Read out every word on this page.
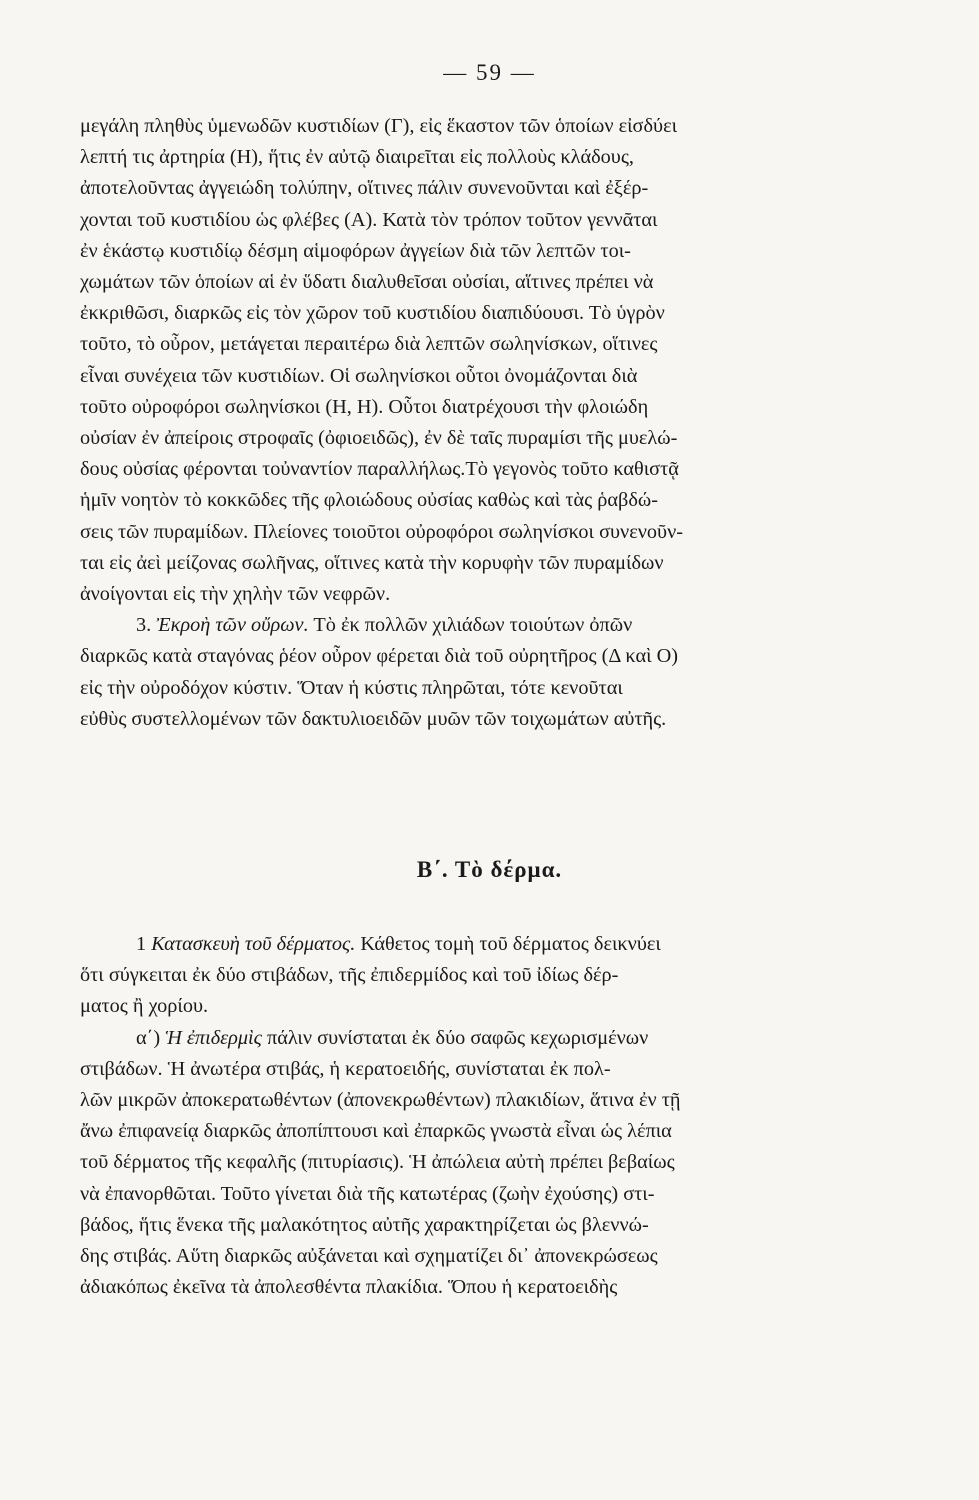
— 59 —

μεγάλη πληθὺς ὑμενωδῶν κυστιδίων (Γ), εἰς ἕκαστον τῶν ὁποίων εἰσδύει
λεπτή τις ἀρτηρία (Η), ἥτις ἐν αὐτῷ διαιρεῖται εἰς πολλοὺς κλάδους,
ἀποτελοῦντας ἀγγειώδη τολύπην, οἵτινες πάλιν συνενοῦνται καὶ ἐξέρ-
χονται τοῦ κυστιδίου ὡς φλέβες (Α). Κατὰ τὸν τρόπον τοῦτον γεννᾶται
ἐν ἑκάστῳ κυστιδίῳ δέσμη αἱμοφόρων ἀγγείων διὰ τῶν λεπτῶν τοι-
χωμάτων τῶν ὁποίων αἱ ἐν ὕδατι διαλυθεῖσαι οὐσίαι, αἵτινες πρέπει νὰ
ἐκκριθῶσι, διαρκῶς εἰς τὸν χῶρον τοῦ κυστιδίου διαπιδύουσι. Τὸ ὑγρὸν
τοῦτο, τὸ οὖρον, μετάγεται περαιτέρω διὰ λεπτῶν σωληνίσκων, οἵτινες
εἶναι συνέχεια τῶν κυστιδίων. Οἱ σωληνίσκοι οὗτοι ὀνομάζονται διὰ
τοῦτο οὐροφόροι σωληνίσκοι (Η, Η). Οὗτοι διατρέχουσι τὴν φλοιώδη
οὐσίαν ἐν ἀπείροις στροφαῖς (ὀφιοειδῶς), ἐν δὲ ταῖς πυραμίσι τῆς μυελώ-
δους οὐσίας φέρονται τοὐναντίον παραλλήλως.Τὸ γεγονὸς τοῦτο καθιστᾷ
ἡμῖν νοητὸν τὸ κοκκῶδες τῆς φλοιώδους οὐσίας καθὼς καὶ τὰς ῥαβδώ-
σεις τῶν πυραμίδων. Πλείονες τοιοῦτοι οὐροφόροι σωληνίσκοι συνενοῦν-
ται εἰς ἀεὶ μείζονας σωλῆνας, οἵτινες κατὰ τὴν κορυφὴν τῶν πυραμίδων
ἀνοίγονται εἰς τὴν χηλὴν τῶν νεφρῶν.

3. Ἐκροὴ τῶν οὔρων. Τὸ ἐκ πολλῶν χιλιάδων τοιούτων ὀπῶν
διαρκῶς κατὰ σταγόνας ῥέον οὖρον φέρεται διὰ τοῦ οὐρητῆρος (Δ καὶ Ο)
εἰς τὴν οὐροδόχον κύστιν. Ὅταν ἡ κύστις πληρῶται, τότε κενοῦται
εὐθὺς συστελλομένων τῶν δακτυλιοειδῶν μυῶν τῶν τοιχωμάτων αὐτῆς.

Β΄. Τὸ δέρμα.

1 Κατασκευὴ τοῦ δέρματος. Κάθετος τομὴ τοῦ δέρματος δεικνύει
ὅτι σύγκειται ἐκ δύο στιβάδων, τῆς ἐπιδερμίδος καὶ τοῦ ἰδίως δέρ-
ματος ἢ χορίου.

α΄) Ἡ ἐπιδερμὶς πάλιν συνίσταται ἐκ δύο σαφῶς κεχωρισμένων
στιβάδων. Ἡ ἀνωτέρα στιβάς, ἡ κερατοειδής, συνίσταται ἐκ πολ-
λῶν μικρῶν ἀποκερατωθέντων (ἀπονεκρωθέντων) πλακιδίων, ἅτινα ἐν τῇ
ἄνω ἐπιφανείᾳ διαρκῶς ἀποπίπτουσι καὶ ἐπαρκῶς γνωστὰ εἶναι ὡς λέπια
τοῦ δέρματος τῆς κεφαλῆς (πιτυρίασις). Ἡ ἀπώλεια αὐτὴ πρέπει βεβαίως
νὰ ἐπανορθῶται. Τοῦτο γίνεται διὰ τῆς κατωτέρας (ζωὴν ἐχούσης) στι-
βάδος, ἥτις ἕνεκα τῆς μαλακότητος αὐτῆς χαρακτηρίζεται ὡς βλεννώ-
δης στιβάς. Αὕτη διαρκῶς αὐξάνεται καὶ σχηματίζει δι᾽ ἀπονεκρώσεως
ἀδιακόπως ἐκεῖνα τὰ ἀπολεσθέντα πλακίδια. Ὅπου ἡ κερατοειδὴς
